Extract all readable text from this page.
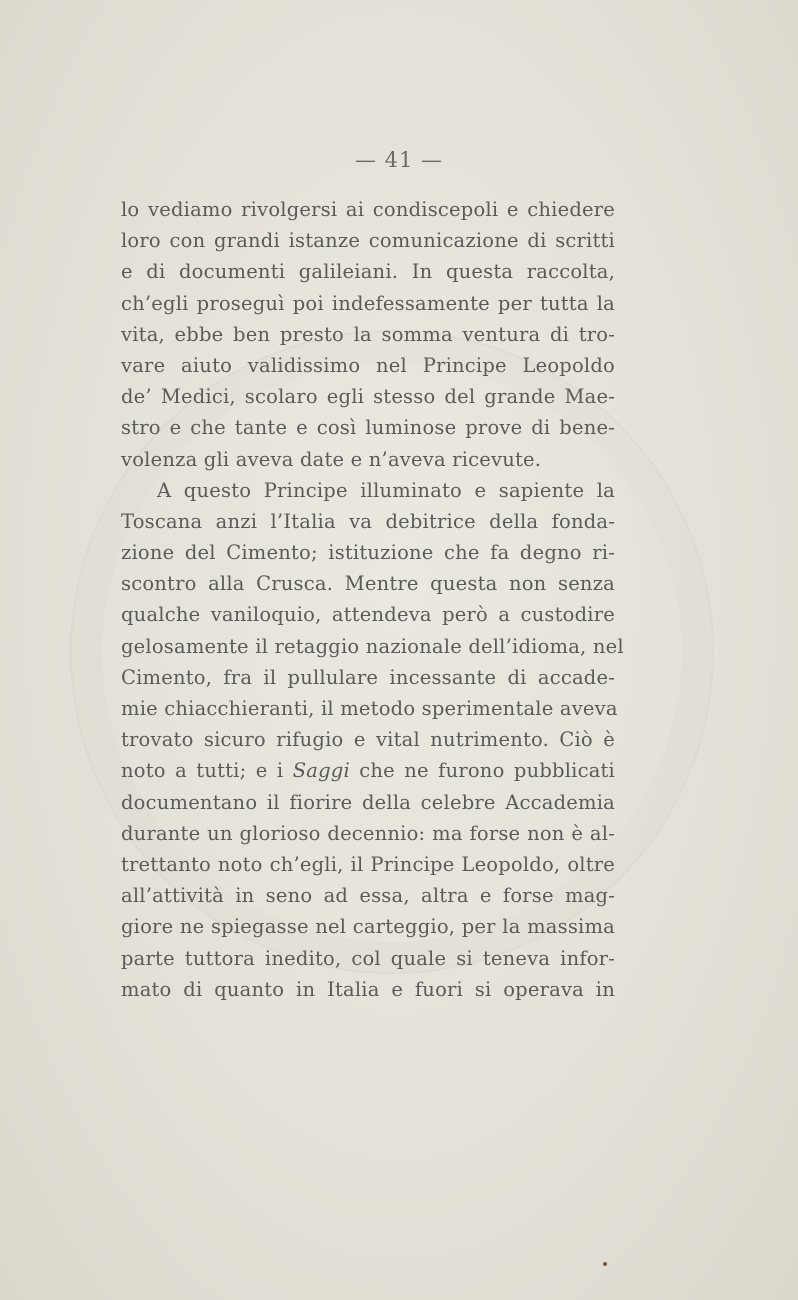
— 41 —
lo vediamo rivolgersi ai condiscepoli e chiedere
loro con grandi istanze comunicazione di scritti
e di documenti galileiani. In questa raccolta,
ch’egli proseguì poi indefessamente per tutta la
vita, ebbe ben presto la somma ventura di tro-
vare aiuto validissimo nel Principe Leopoldo
de’ Medici, scolaro egli stesso del grande Mae-
stro e che tante e così luminose prove di bene-
volenza gli aveva date e n’aveva ricevute.
A questo Principe illuminato e sapiente la
Toscana anzi l’Italia va debitrice della fonda-
zione del Cimento; istituzione che fa degno ri-
scontro alla Crusca. Mentre questa non senza
qualche vaniloquio, attendeva però a custodire
gelosamente il retaggio nazionale dell’idioma, nel
Cimento, fra il pullulare incessante di accade-
mie chiacchieranti, il metodo sperimentale aveva
trovato sicuro rifugio e vital nutrimento. Ciò è
noto a tutti; e i Saggi che ne furono pubblicati
documentano il fiorire della celebre Accademia
durante un glorioso decennio: ma forse non è al-
trettanto noto ch’egli, il Principe Leopoldo, oltre
all’attività in seno ad essa, altra e forse mag-
giore ne spiegasse nel carteggio, per la massima
parte tuttora inedito, col quale si teneva infor-
mato di quanto in Italia e fuori si operava in
